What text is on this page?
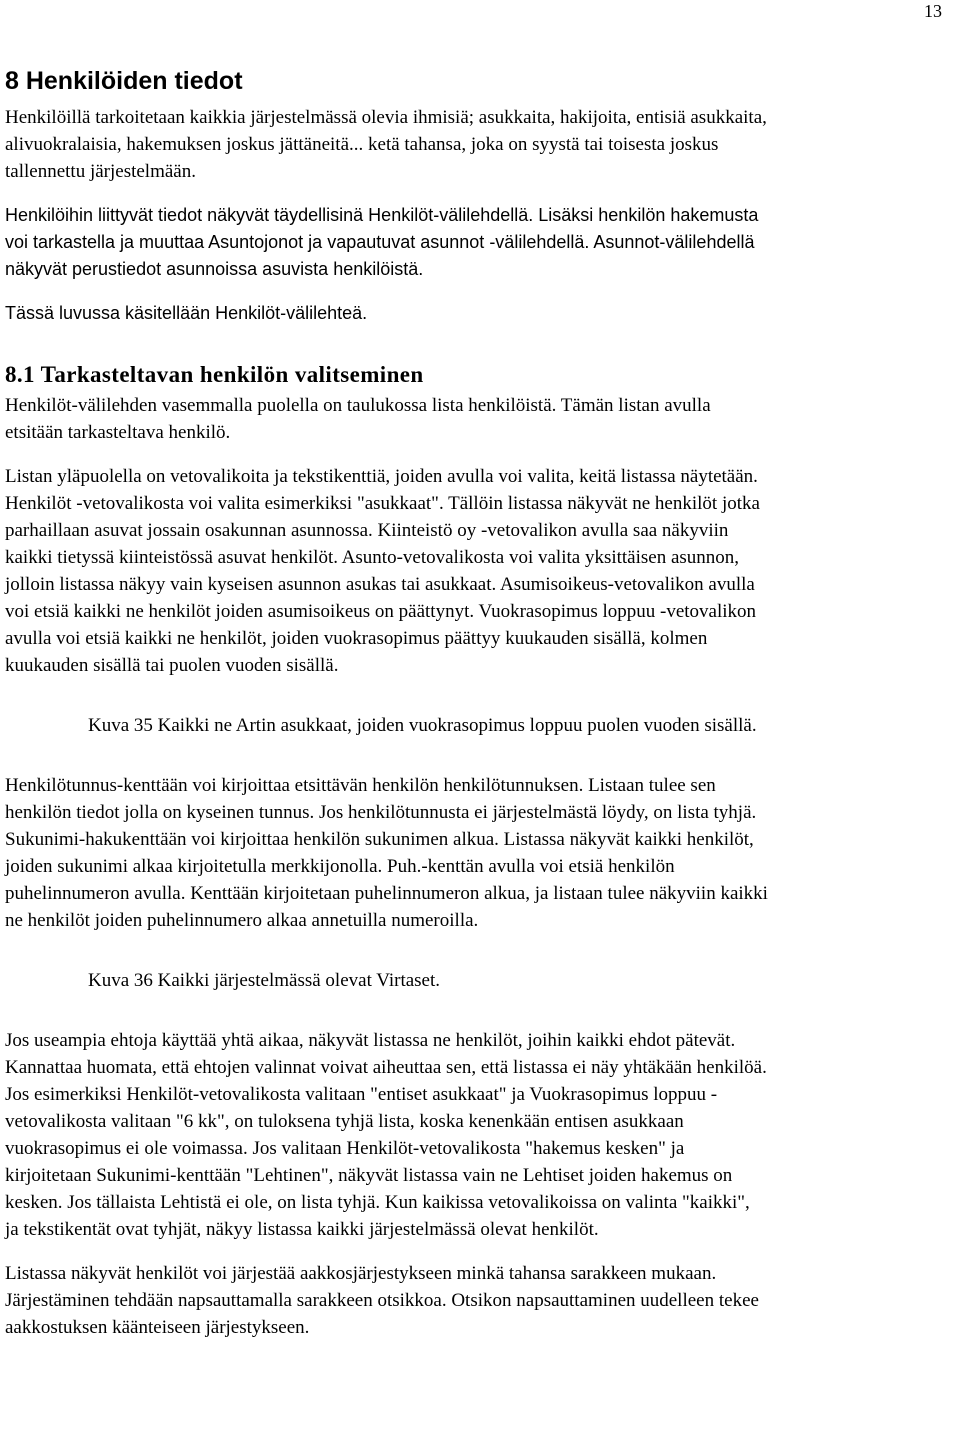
13
8 Henkilöiden tiedot

Henkilöillä tarkoitetaan kaikkia järjestelmässä olevia ihmisiä; asukkaita, hakijoita, entisiä asukkaita,
alivuokralaisia, hakemuksen joskus jättäneitä... ketä tahansa, joka on syystä tai toisesta joskus
tallennettu järjestelmään.

Henkilöihin liittyvät tiedot näkyvät täydellisinä Henkilöt-välilehdellä. Lisäksi henkilön hakemusta
voi tarkastella ja muuttaa Asuntojonot ja vapautuvat asunnot -välilehdellä. Asunnot-välilehdellä
näkyvät perustiedot asunnoissa asuvista henkilöistä.

Tässä luvussa käsitellään Henkilöt-välilehteä.

8.1 Tarkasteltavan henkilön valitseminen

Henkilöt-välilehden vasemmalla puolella on taulukossa lista henkilöistä. Tämän listan avulla
etsitään tarkasteltava henkilö.

Listan yläpuolella on vetovalikoita ja tekstikenttiä, joiden avulla voi valita, keitä listassa näytetään.
Henkilöt -vetovalikosta voi valita esimerkiksi "asukkaat". Tällöin listassa näkyvät ne henkilöt jotka
parhaillaan asuvat jossain osakunnan asunnossa. Kiinteistö oy -vetovalikon avulla saa näkyviin
kaikki tietyssä kiinteistössä asuvat henkilöt. Asunto-vetovalikosta voi valita yksittäisen asunnon,
jolloin listassa näkyy vain kyseisen asunnon asukas tai asukkaat. Asumisoikeus-vetovalikon avulla
voi etsiä kaikki ne henkilöt joiden asumisoikeus on päättynyt. Vuokrasopimus loppuu -vetovalikon
avulla voi etsiä kaikki ne henkilöt, joiden vuokrasopimus päättyy kuukauden sisällä, kolmen
kuukauden sisällä tai puolen vuoden sisällä.

Kuva 35 Kaikki ne Artin asukkaat, joiden vuokrasopimus loppuu puolen vuoden sisällä.

Henkilötunnus-kenttään voi kirjoittaa etsittävän henkilön henkilötunnuksen. Listaan tulee sen
henkilön tiedot jolla on kyseinen tunnus. Jos henkilötunnusta ei järjestelmästä löydy, on lista tyhjä.
Sukunimi-hakukenttään voi kirjoittaa henkilön sukunimen alkua. Listassa näkyvät kaikki henkilöt,
joiden sukunimi alkaa kirjoitetulla merkkijonolla. Puh.-kenttän avulla voi etsiä henkilön
puhelinnumeron avulla. Kenttään kirjoitetaan puhelinnumeron alkua, ja listaan tulee näkyviin kaikki
ne henkilöt joiden puhelinnumero alkaa annetuilla numeroilla.

Kuva 36 Kaikki järjestelmässä olevat Virtaset.

Jos useampia ehtoja käyttää yhtä aikaa, näkyvät listassa ne henkilöt, joihin kaikki ehdot pätevät.
Kannattaa huomata, että ehtojen valinnat voivat aiheuttaa sen, että listassa ei näy yhtäkään henkilöä.
Jos esimerkiksi Henkilöt-vetovalikosta valitaan "entiset asukkaat" ja Vuokrasopimus loppuu -
vetovalikosta valitaan "6 kk", on tuloksena tyhjä lista, koska kenenkään entisen asukkaan
vuokrasopimus ei ole voimassa. Jos valitaan Henkilöt-vetovalikosta "hakemus kesken" ja
kirjoitetaan Sukunimi-kenttään "Lehtinen", näkyvät listassa vain ne Lehtiset joiden hakemus on
kesken. Jos tällaista Lehtistä ei ole, on lista tyhjä. Kun kaikissa vetovalikoissa on valinta "kaikki",
ja tekstikentät ovat tyhjät, näkyy listassa kaikki järjestelmässä olevat henkilöt.

Listassa näkyvät henkilöt voi järjestää aakkosjärjestykseen minkä tahansa sarakkeen mukaan.
Järjestäminen tehdään napsauttamalla sarakkeen otsikkoa. Otsikon napsauttaminen uudelleen tekee
aakkostuksen käänteiseen järjestykseen.
